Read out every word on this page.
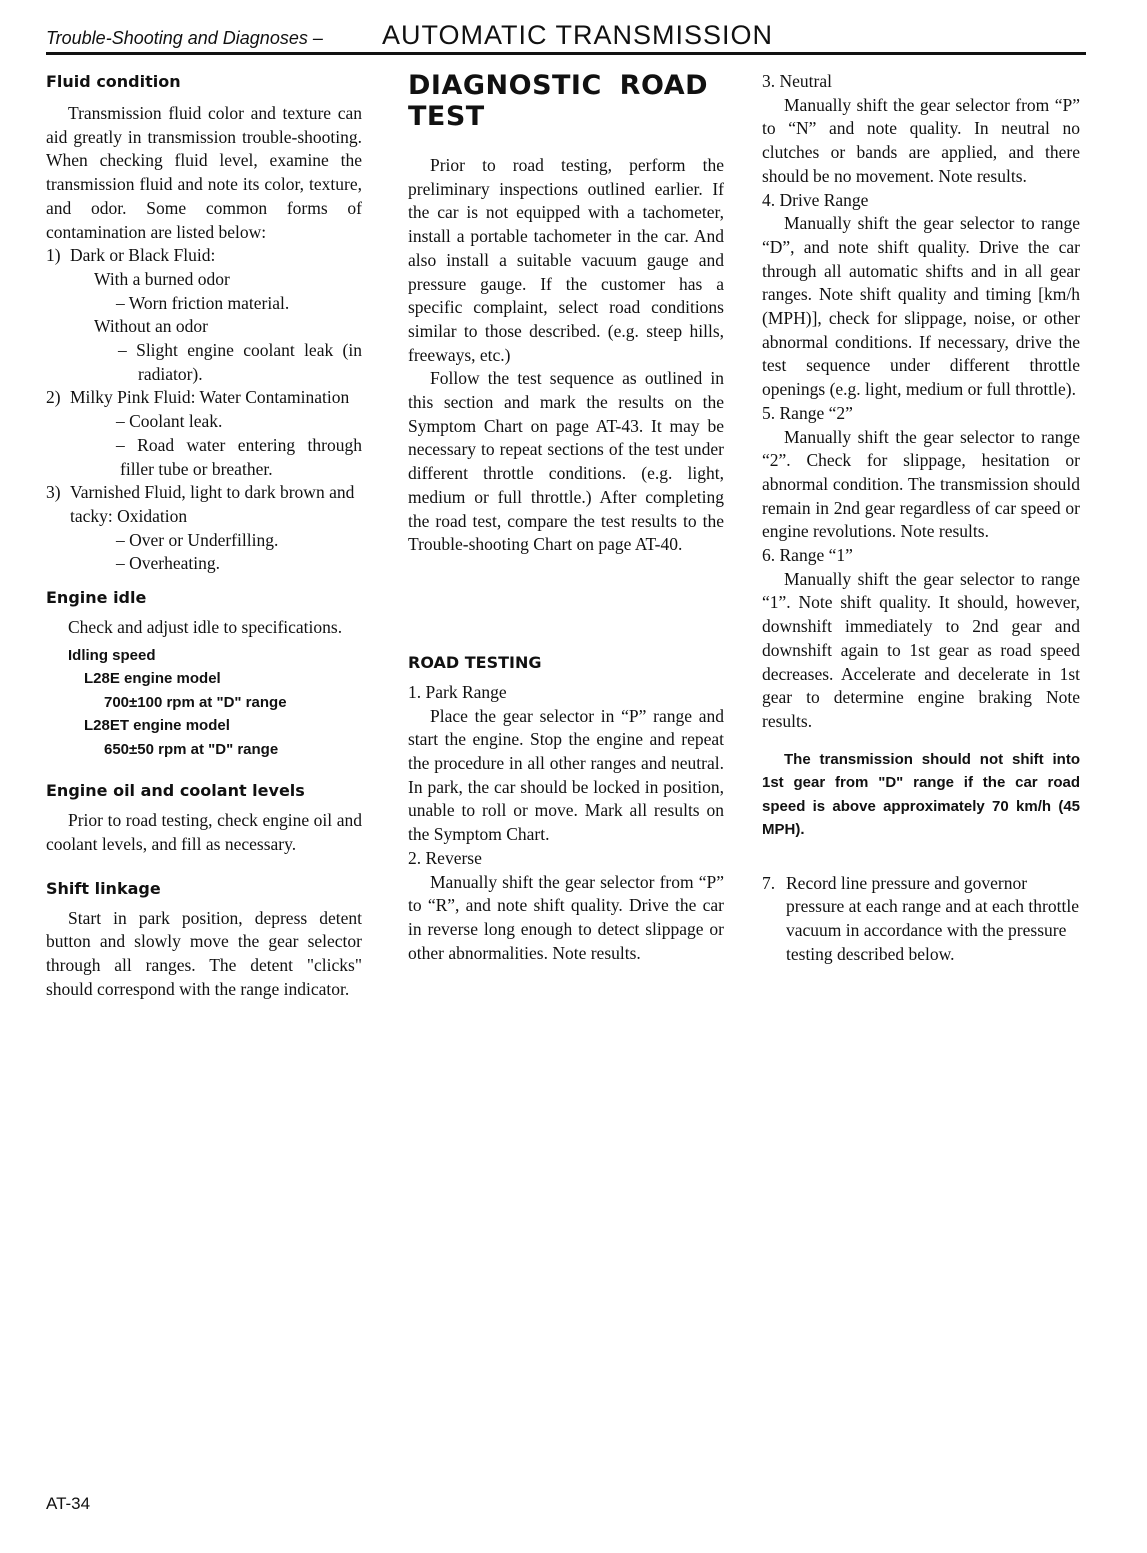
Trouble-Shooting and Diagnoses – AUTOMATIC TRANSMISSION

Fluid condition

Transmission fluid color and texture can aid greatly in transmission trouble-shooting. When checking fluid level, examine the transmission fluid and note its color, texture, and odor. Some common forms of contamination are listed below:

1) Dark or Black Fluid:

With a burned odor

– Worn friction material.

Without an odor

– Slight engine coolant leak (in radiator).

2) Milky Pink Fluid: Water Contamination

– Coolant leak.

– Road water entering through filler tube or breather.

3) Varnished Fluid, light to dark brown and tacky: Oxidation

– Over or Underfilling.

– Overheating.

Engine idle

Check and adjust idle to specifications.

Idling speed
L28E engine model
700±100 rpm at "D" range
L28ET engine model
650±50 rpm at "D" range

Engine oil and coolant levels

Prior to road testing, check engine oil and coolant levels, and fill as necessary.

Shift linkage

Start in park position, depress detent button and slowly move the gear selector through all ranges. The detent "clicks" should correspond with the range indicator.

DIAGNOSTIC ROAD TEST

Prior to road testing, perform the preliminary inspections outlined earlier. If the car is not equipped with a tachometer, install a portable tachometer in the car. And also install a suitable vacuum gauge and pressure gauge. If the customer has a specific complaint, select road conditions similar to those described. (e.g. steep hills, freeways, etc.)

Follow the test sequence as outlined in this section and mark the results on the Symptom Chart on page AT-43. It may be necessary to repeat sections of the test under different throttle conditions. (e.g. light, medium or full throttle.) After completing the road test, compare the test results to the Trouble-shooting Chart on page AT-40.

ROAD TESTING

1. Park Range

Place the gear selector in “P” range and start the engine. Stop the engine and repeat the procedure in all other ranges and neutral. In park, the car should be locked in position, unable to roll or move. Mark all results on the Symptom Chart.

2. Reverse

Manually shift the gear selector from “P” to “R”, and note shift quality. Drive the car in reverse long enough to detect slippage or other abnormalities. Note results.

3. Neutral

Manually shift the gear selector from “P” to “N” and note quality. In neutral no clutches or bands are applied, and there should be no movement. Note results.

4. Drive Range

Manually shift the gear selector to range “D”, and note shift quality. Drive the car through all automatic shifts and in all gear ranges. Note shift quality and timing [km/h (MPH)], check for slippage, noise, or other abnormal conditions. If necessary, drive the test sequence under different throttle openings (e.g. light, medium or full throttle).

5. Range “2”

Manually shift the gear selector to range “2”. Check for slippage, hesitation or abnormal condition. The transmission should remain in 2nd gear regardless of car speed or engine revolutions. Note results.

6. Range “1”

Manually shift the gear selector to range “1”. Note shift quality. It should, however, downshift immediately to 2nd gear and downshift again to 1st gear as road speed decreases. Accelerate and decelerate in 1st gear to determine engine braking Note results.

The transmission should not shift into 1st gear from "D" range if the car road speed is above approximately 70 km/h (45 MPH).

7. Record line pressure and governor pressure at each range and at each throttle vacuum in accordance with the pressure testing described below.
AT-34
